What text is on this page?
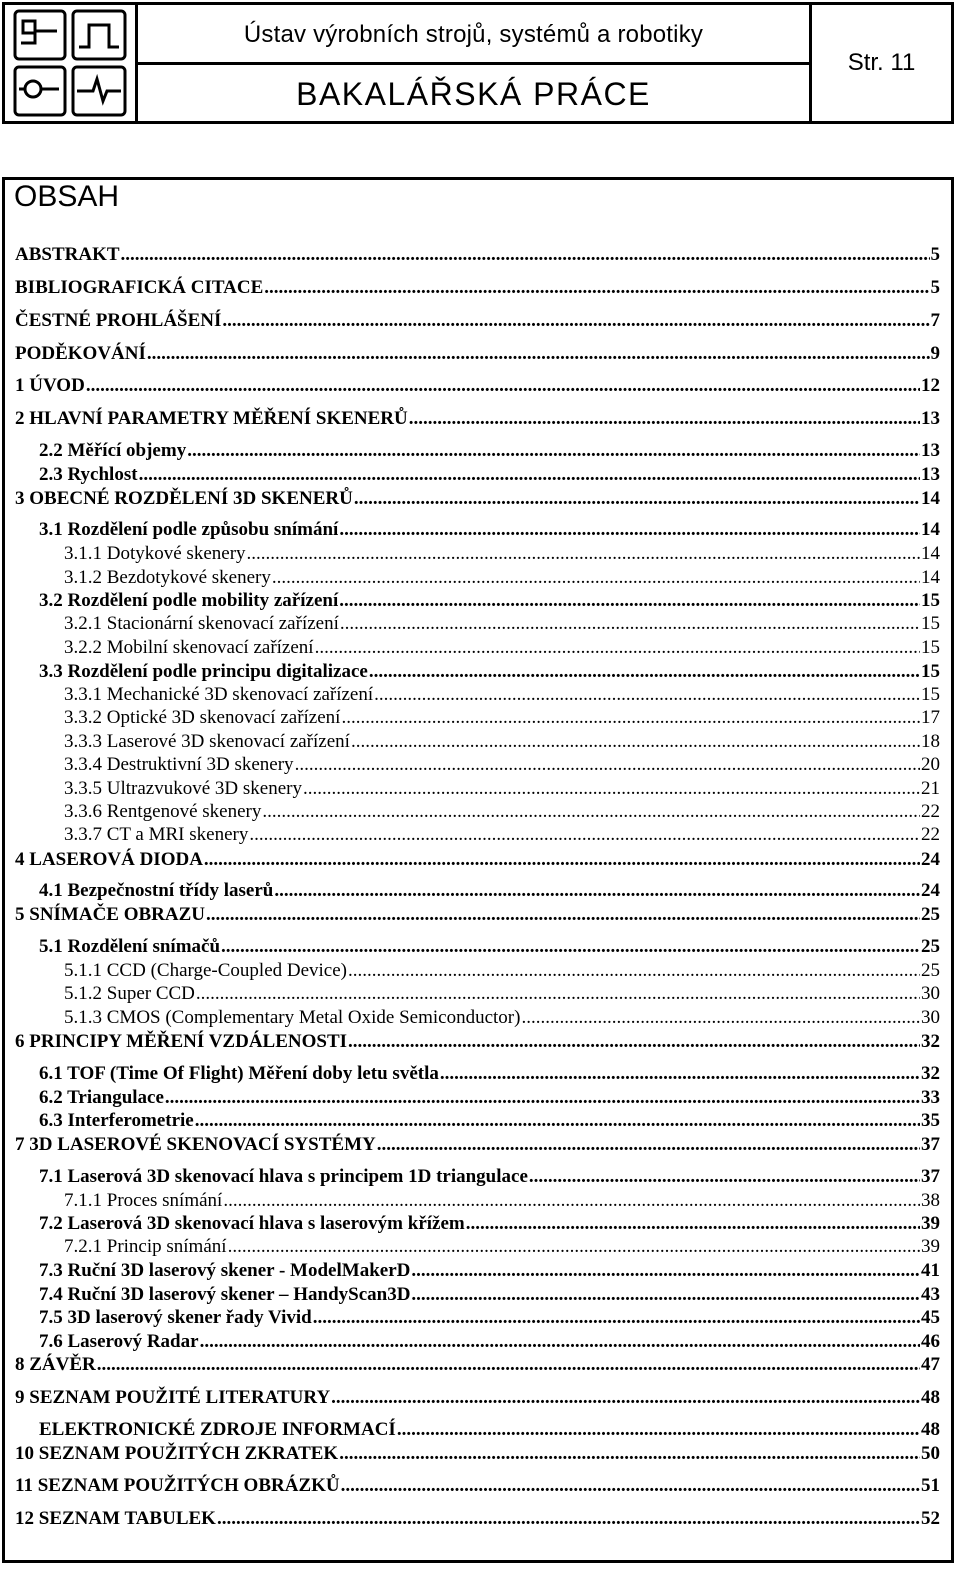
Ústav výrobních strojů, systémů a robotiky
BAKALÁŘSKÁ PRÁCE
Str. 11
OBSAH
ABSTRAKT .....	5
BIBLIOGRAFICKÁ CITACE .....	5
ČESTNÉ PROHLÁŠENÍ .....	7
PODĚKOVÁNÍ .....	9
1 ÚVOD .....	12
2 HLAVNÍ PARAMETRY MĚŘENÍ SKENERŮ .....	13
2.2 Měřící objemy .....	13
2.3 Rychlost .....	13
3 OBECNÉ ROZDĚLENÍ 3D SKENERŮ .....	14
3.1 Rozdělení podle způsobu snímání .....	14
3.1.1 Dotykové skenery .....	14
3.1.2 Bezdotykové skenery .....	14
3.2 Rozdělení podle mobility zařízení .....	15
3.2.1 Stacionární skenovací zařízení .....	15
3.2.2 Mobilní skenovací zařízení .....	15
3.3 Rozdělení podle principu digitalizace .....	15
3.3.1 Mechanické 3D skenovací zařízení .....	15
3.3.2 Optické 3D skenovací zařízení .....	17
3.3.3 Laserové 3D skenovací zařízení .....	18
3.3.4 Destruktivní 3D skenery .....	20
3.3.5 Ultrazvukové 3D skenery .....	21
3.3.6 Rentgenové skenery .....	22
3.3.7 CT a MRI skenery .....	22
4 LASEROVÁ DIODA .....	24
4.1 Bezpečnostní třídy laserů .....	24
5 SNÍMAČE OBRAZU .....	25
5.1 Rozdělení snímačů .....	25
5.1.1 CCD (Charge-Coupled Device) .....	25
5.1.2 Super CCD .....	30
5.1.3 CMOS (Complementary Metal Oxide Semiconductor) .....	30
6 PRINCIPY MĚŘENÍ VZDÁLENOSTI .....	32
6.1 TOF (Time Of Flight) Měření doby letu světla .....	32
6.2 Triangulace .....	33
6.3 Interferometrie .....	35
7 3D LASEROVÉ SKENOVACÍ SYSTÉMY .....	37
7.1 Laserová 3D skenovací hlava s principem 1D triangulace .....	37
7.1.1 Proces snímání .....	38
7.2 Laserová 3D skenovací hlava s laserovým křížem .....	39
7.2.1 Princip snímání .....	39
7.3 Ruční 3D laserový skener - ModelMakerD .....	41
7.4 Ruční 3D laserový skener – HandyScan3D .....	43
7.5 3D laserový skener řady Vivid .....	45
7.6 Laserový Radar .....	46
8 ZÁVĚR .....	47
9 SEZNAM POUŽITÉ LITERATURY .....	48
ELEKTRONICKÉ ZDROJE INFORMACÍ .....	48
10 SEZNAM POUŽITÝCH ZKRATEK .....	50
11 SEZNAM POUŽITÝCH OBRÁZKŮ .....	51
12 SEZNAM TABULEK .....	52
